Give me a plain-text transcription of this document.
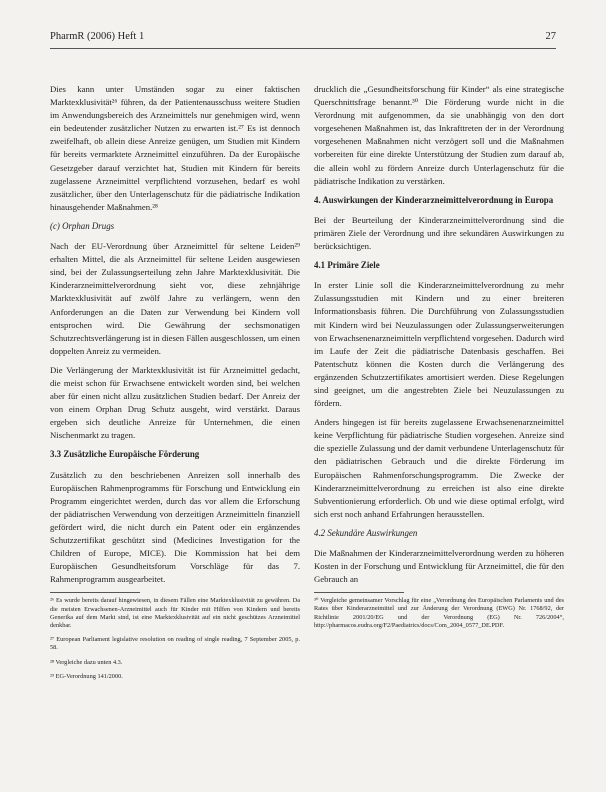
PharmR (2006) Heft 1	27

Dies kann unter Umständen sogar zu einer faktischen Marktexklusivität²⁶ führen, da der Patientenausschuss weitere Studien im Anwendungsbereich des Arzneimittels nur genehmigen wird, wenn ein bedeutender zusätzlicher Nutzen zu erwarten ist.²⁷ Es ist dennoch zweifelhaft, ob allein diese Anreize genügen, um Studien mit Kindern für bereits vermarktete Arzneimittel einzuführen. Da der Europäische Gesetzgeber darauf verzichtet hat, Studien mit Kindern für bereits zugelassene Arzneimittel verpflichtend vorzusehen, bedarf es wohl zusätzlicher, über den Unterlagenschutz für die pädiatrische Indikation hinausgehender Maßnahmen.²⁸

(c) Orphan Drugs

Nach der EU-Verordnung über Arzneimittel für seltene Leiden²⁹ erhalten Mittel, die als Arzneimittel für seltene Leiden ausgewiesen sind, bei der Zulassungserteilung zehn Jahre Marktexklusivität. Die Kinderarzneimittelverordnung sieht vor, diese zehnjährige Marktexklusivität auf zwölf Jahre zu verlängern, wenn den Anforderungen an die Daten zur Verwendung bei Kindern voll entsprochen wird. Die Gewährung der sechsmonatigen Schutzrechtsverlängerung ist in diesen Fällen ausgeschlossen, um einen doppelten Anreiz zu vermeiden.

Die Verlängerung der Marktexklusivität ist für Arzneimittel gedacht, die meist schon für Erwachsene entwickelt worden sind, bei welchen aber für einen nicht allzu zusätzlichen Studien bedarf. Der Anreiz der von einem Orphan Drug Schutz ausgeht, wird verstärkt. Daraus ergeben sich deutliche Anreize für Unternehmen, die einen Nischenmarkt zu tragen.

3.3 Zusätzliche Europäische Förderung

Zusätzlich zu den beschriebenen Anreizen soll innerhalb des Europäischen Rahmenprogramms für Forschung und Entwicklung ein Programm eingerichtet werden, durch das vor allem die Erforschung der pädiatrischen Verwendung von derzeitigen Arzneimitteln finanziell gefördert wird, die nicht durch ein Patent oder ein ergänzendes Schutzzertifikat geschützt sind (Medicines Investigation for the Children of Europe, MICE). Die Kommission hat bei dem Europäischen Gesundheitsforum Vorschläge für das 7. Rahmenprogramm ausgearbeitet.

²⁶ Es wurde bereits darauf hingewiesen, in diesem Fällen eine Marktexklusivität zu gewähren. Da die meisten Erwachsenen-Arzneimittel auch für Kinder mit Hilfen von Kindern und bereits Generika auf dem Markt sind, ist eine Marktexklusivität auf ein nicht geschützes Arzneimittel denkbar.

²⁷ European Parliament legislative resolution on reading of single reading, 7 September 2005, p. 58.

²⁸ Vergleiche dazu unten 4.3.

²⁹ EG-Verordnung 141/2000.

drucklich die „Gesundheitsforschung für Kinder“ als eine strategische Querschnittsfrage benannt.³⁰ Die Förderung wurde nicht in die Verordnung mit aufgenommen, da sie unabhängig von den dort vorgesehenen Maßnahmen ist, das Inkrafttreten der in der Verordnung vorgesehenen Maßnahmen nicht verzögert soll und die Maßnahmen vorbereiten für eine direkte Unterstützung der Studien zum darauf ab, die allein wohl zu fördern Anreize durch Unterlagenschutz für die pädiatrische Indikation zu verstärken.

4. Auswirkungen der Kinderarzneimittelverordnung in Europa

Bei der Beurteilung der Kinderarzneimittelverordnung sind die primären Ziele der Verordnung und ihre sekundären Auswirkungen zu berücksichtigen.

4.1 Primäre Ziele

In erster Linie soll die Kinderarzneimittelverordnung zu mehr Zulassungsstudien mit Kindern und zu einer breiteren Informationsbasis führen. Die Durchführung von Zulassungsstudien mit Kindern wird bei Neuzulassungen oder Zulassungserweiterungen von Erwachsenenarzneimitteln verpflichtend vorgesehen. Dadurch wird im Laufe der Zeit die pädiatrische Datenbasis geschaffen. Bei Patentschutz können die Kosten durch die Verlängerung des ergänzenden Schutzzertifikates amortisiert werden. Diese Regelungen sind geeignet, um die angestrebten Ziele bei Neuzulassungen zu fördern.

Anders hingegen ist für bereits zugelassene Erwachsenenarzneimittel keine Verpflichtung für pädiatrische Studien vorgesehen. Anreize sind die spezielle Zulassung und der damit verbundene Unterlagenschutz für den pädiatrischen Gebrauch und die direkte Förderung im Europäischen Rahmenforschungsprogramm. Die Zwecke der Kinderarzneimittelverordnung zu erreichen ist also eine direkte Subventionierung erforderlich. Ob und wie diese optimal erfolgt, wird sich erst noch anhand Erfahrungen herausstellen.

4.2 Sekundäre Auswirkungen

Die Maßnahmen der Kinderarzneimittelverordnung werden zu höheren Kosten in der Forschung und Entwicklung für Arzneimittel, die für den Gebrauch an

³⁰ Vergleiche gemeinsamer Vorschlag für eine „Verordnung des Europäischen Parlaments und des Rates über Kinderarzneimittel und zur Änderung der Verordnung (EWG) Nr. 1768/92, der Richtlinie 2001/20/EG und der Verordnung (EG) Nr. 726/2004“, http://pharmacos.eudra.org/F2/Paediatrics/docs/Com_2004_0577_DE.PDF.
